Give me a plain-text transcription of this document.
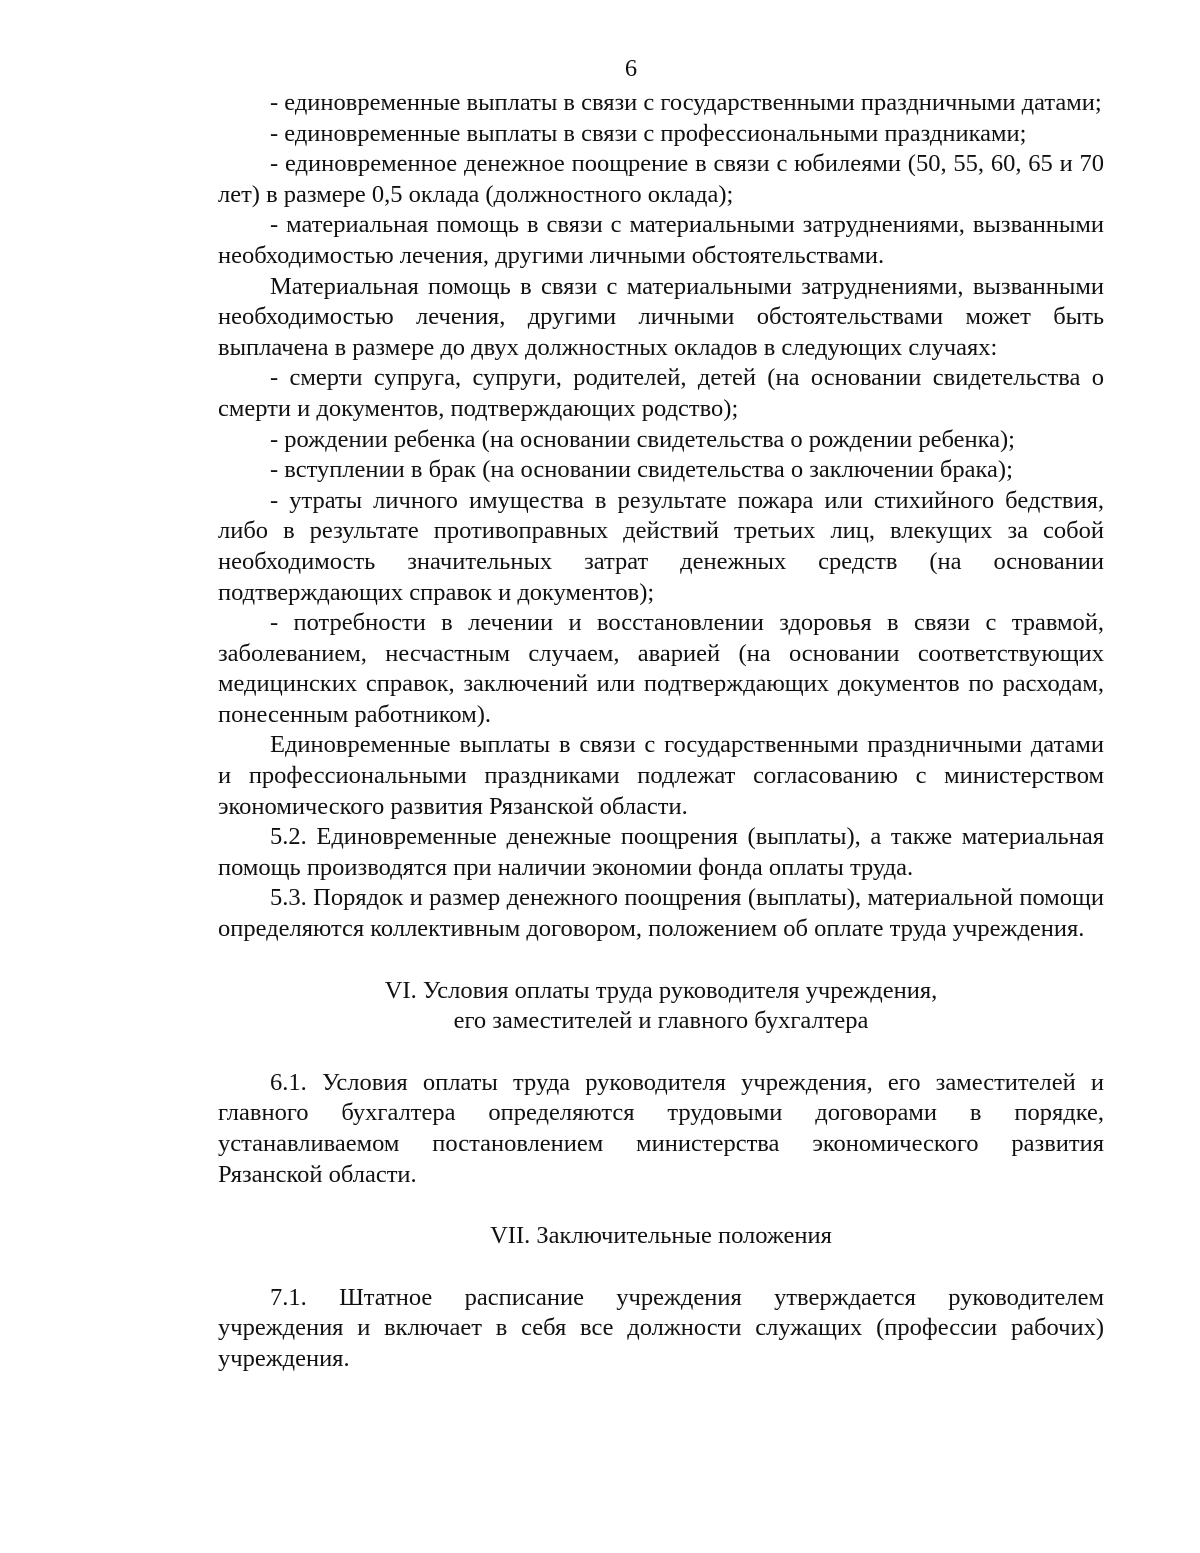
6

- единовременные выплаты в связи с государственными праздничными датами;

- единовременные выплаты в связи с профессиональными праздниками;

- единовременное денежное поощрение в связи с юбилеями (50, 55, 60, 65 и 70 лет) в размере 0,5 оклада (должностного оклада);

- материальная помощь в связи с материальными затруднениями, вызванными необходимостью лечения, другими личными обстоятельствами.

Материальная помощь в связи с материальными затруднениями, вызванными необходимостью лечения, другими личными обстоятельствами может быть выплачена в размере до двух должностных окладов в следующих случаях:

- смерти супруга, супруги, родителей, детей (на основании свидетельства о смерти и документов, подтверждающих родство);

- рождении ребенка (на основании свидетельства о рождении ребенка);

- вступлении в брак (на основании свидетельства о заключении брака);

- утраты личного имущества в результате пожара или стихийного бедствия, либо в результате противоправных действий третьих лиц, влекущих за собой необходимость значительных затрат денежных средств (на основании подтверждающих справок и документов);

- потребности в лечении и восстановлении здоровья в связи с травмой, заболеванием, несчастным случаем, аварией (на основании соответствующих медицинских справок, заключений или подтверждающих документов по расходам, понесенным работником).

Единовременные выплаты в связи с государственными праздничными датами и профессиональными праздниками подлежат согласованию с министерством экономического развития Рязанской области.

5.2. Единовременные денежные поощрения (выплаты), а также материальная помощь производятся при наличии экономии фонда оплаты труда.

5.3. Порядок и размер денежного поощрения (выплаты), материальной помощи определяются коллективным договором, положением об оплате труда учреждения.

VI. Условия оплаты труда руководителя учреждения,

его заместителей и главного бухгалтера

6.1. Условия оплаты труда руководителя учреждения, его заместителей и главного бухгалтера определяются трудовыми договорами в порядке, устанавливаемом постановлением министерства экономического развития Рязанской области.

VII. Заключительные положения

7.1. Штатное расписание учреждения утверждается руководителем учреждения и включает в себя все должности служащих (профессии рабочих) учреждения.
